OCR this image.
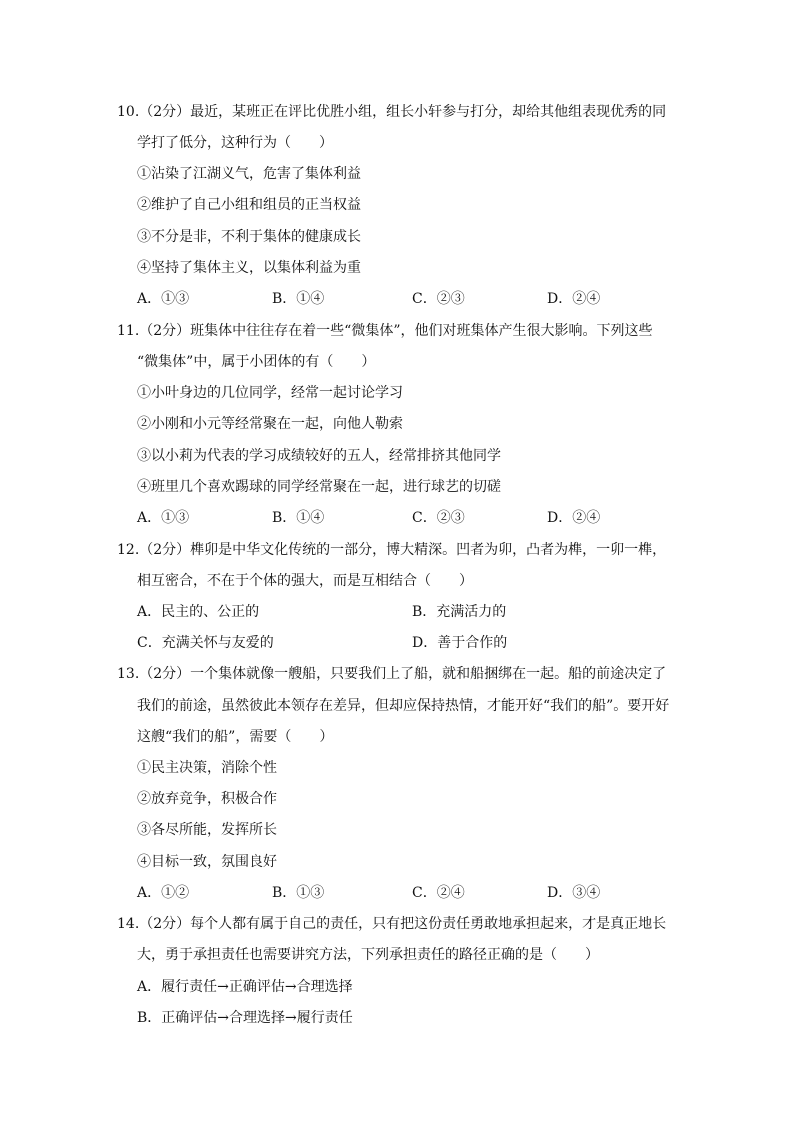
10.（2分）最近，某班正在评比优胜小组，组长小轩参与打分，却给其他组表现优秀的同
学打了低分，这种行为（　　）
①沾染了江湖义气，危害了集体利益
②维护了自己小组和组员的正当权益
③不分是非，不利于集体的健康成长
④坚持了集体主义，以集体利益为重
A．①③	B．①④	C．②③	D．②④
11.（2分）班集体中往往存在着一些“微集体”，他们对班集体产生很大影响。下列这些
“微集体”中，属于小团体的有（　　）
①小叶身边的几位同学，经常一起讨论学习
②小刚和小元等经常聚在一起，向他人勒索
③以小莉为代表的学习成绩较好的五人，经常排挤其他同学
④班里几个喜欢踢球的同学经常聚在一起，进行球艺的切磋
A．①③	B．①④	C．②③	D．②④
12.（2分）榫卯是中华文化传统的一部分，博大精深。凹者为卯，凸者为榫，一卯一榫，
相互密合，不在于个体的强大，而是互相结合（　　）
A．民主的、公正的	B．充满活力的
C．充满关怀与友爱的	D．善于合作的
13.（2分）一个集体就像一艘船，只要我们上了船，就和船捆绑在一起。船的前途决定了
我们的前途，虽然彼此本领存在差异，但却应保持热情，才能开好“我们的船”。要开好
这艘“我们的船”，需要（　　）
①民主决策，消除个性
②放弃竞争，积极合作
③各尽所能，发挥所长
④目标一致，氛围良好
A．①②	B．①③	C．②④	D．③④
14.（2分）每个人都有属于自己的责任，只有把这份责任勇敢地承担起来，才是真正地长
大，勇于承担责任也需要讲究方法，下列承担责任的路径正确的是（　　）
A．履行责任→正确评估→合理选择
B．正确评估→合理选择→履行责任
